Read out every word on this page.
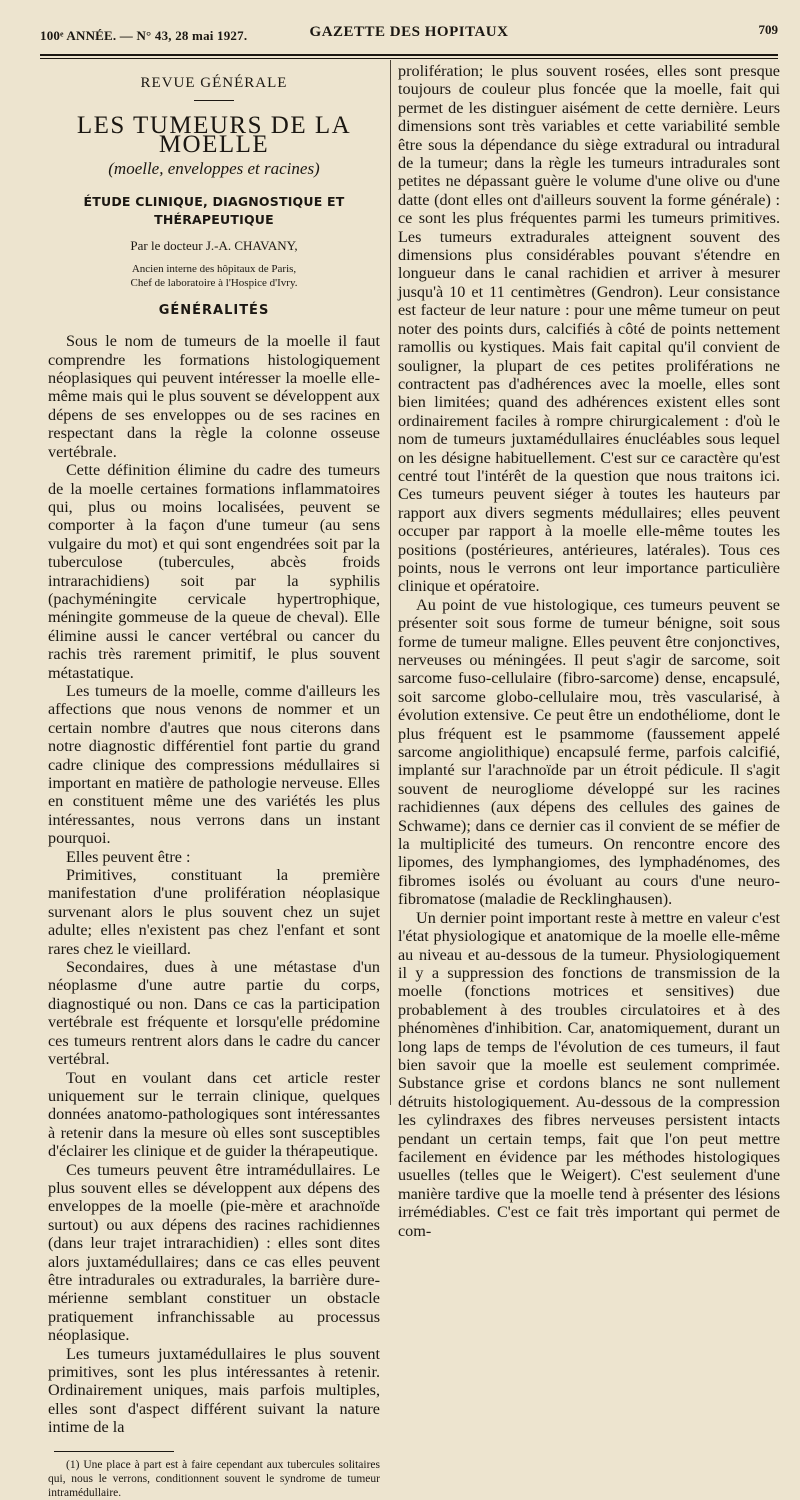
100ᵉ ANNÉE. — N° 43, 28 mai 1927.	GAZETTE DES HOPITAUX	709
REVUE GÉNÉRALE
LES TUMEURS DE LA MOELLE
(moelle, enveloppes et racines)
ÉTUDE CLINIQUE, DIAGNOSTIQUE ET THÉRAPEUTIQUE
Par le docteur J.-A. CHAVANY,
Ancien interne des hôpitaux de Paris,
Chef de laboratoire à l'Hospice d'Ivry.
GÉNÉRALITÉS

Sous le nom de tumeurs de la moelle il faut comprendre les formations histologiquement néoplasiques qui peuvent intéresser la moelle elle-même mais qui le plus souvent se développent aux dépens de ses enveloppes ou de ses racines en respectant dans la règle la colonne osseuse vertébrale.

Cette définition élimine du cadre des tumeurs de la moelle certaines formations inflammatoires qui, plus ou moins localisées, peuvent se comporter à la façon d'une tumeur (au sens vulgaire du mot) et qui sont engendrées soit par la tuberculose (tubercules, abcès froids intrarachidiens) soit par la syphilis (pachyméningite cervicale hypertrophique, méningite gommeuse de la queue de cheval). Elle élimine aussi le cancer vertébral ou cancer du rachis très rarement primitif, le plus souvent métastatique.

Les tumeurs de la moelle, comme d'ailleurs les affections que nous venons de nommer et un certain nombre d'autres que nous citerons dans notre diagnostic différentiel font partie du grand cadre clinique des compressions médullaires si important en matière de pathologie nerveuse. Elles en constituent même une des variétés les plus intéressantes, nous verrons dans un instant pourquoi.

Elles peuvent être :

Primitives, constituant la première manifestation d'une prolifération néoplasique survenant alors le plus souvent chez un sujet adulte; elles n'existent pas chez l'enfant et sont rares chez le vieillard.

Secondaires, dues à une métastase d'un néoplasme d'une autre partie du corps, diagnostiqué ou non. Dans ce cas la participation vertébrale est fréquente et lorsqu'elle prédomine ces tumeurs rentrent alors dans le cadre du cancer vertébral.

Tout en voulant dans cet article rester uniquement sur le terrain clinique, quelques données anatomo-pathologiques sont intéressantes à retenir dans la mesure où elles sont susceptibles d'éclairer les clinique et de guider la thérapeutique.

Ces tumeurs peuvent être intramédullaires. Le plus souvent elles se développent aux dépens des enveloppes de la moelle (pie-mère et arachnoïde surtout) ou aux dépens des racines rachidiennes (dans leur trajet intrarachidien) : elles sont dites alors juxtamédullaires; dans ce cas elles peuvent être intradurales ou extradurales, la barrière dure-mérienne semblant constituer un obstacle pratiquement infranchissable au processus néoplasique.

Les tumeurs juxtamédullaires le plus souvent primitives, sont les plus intéressantes à retenir. Ordinairement uniques, mais parfois multiples, elles sont d'aspect différent suivant la nature intime de la

(1) Une place à part est à faire cependant aux tubercules solitaires qui, nous le verrons, conditionnent souvent le syndrome de tumeur intramédullaire.

prolifération; le plus souvent rosées, elles sont presque toujours de couleur plus foncée que la moelle, fait qui permet de les distinguer aisément de cette dernière. Leurs dimensions sont très variables et cette variabilité semble être sous la dépendance du siège extradural ou intradural de la tumeur; dans la règle les tumeurs intradurales sont petites ne dépassant guère le volume d'une olive ou d'une datte (dont elles ont d'ailleurs souvent la forme générale) : ce sont les plus fréquentes parmi les tumeurs primitives. Les tumeurs extradurales atteignent souvent des dimensions plus considérables pouvant s'étendre en longueur dans le canal rachidien et arriver à mesurer jusqu'à 10 et 11 centimètres (Gendron). Leur consistance est facteur de leur nature : pour une même tumeur on peut noter des points durs, calcifiés à côté de points nettement ramollis ou kystiques. Mais fait capital qu'il convient de souligner, la plupart de ces petites proliférations ne contractent pas d'adhérences avec la moelle, elles sont bien limitées; quand des adhérences existent elles sont ordinairement faciles à rompre chirurgicalement : d'où le nom de tumeurs juxtamédullaires énucléables sous lequel on les désigne habituellement. C'est sur ce caractère qu'est centré tout l'intérêt de la question que nous traitons ici. Ces tumeurs peuvent siéger à toutes les hauteurs par rapport aux divers segments médullaires; elles peuvent occuper par rapport à la moelle elle-même toutes les positions (postérieures, antérieures, latérales). Tous ces points, nous le verrons ont leur importance particulière clinique et opératoire.

Au point de vue histologique, ces tumeurs peuvent se présenter soit sous forme de tumeur bénigne, soit sous forme de tumeur maligne. Elles peuvent être conjonctives, nerveuses ou méningées. Il peut s'agir de sarcome, soit sarcome fuso-cellulaire (fibro-sarcome) dense, encapsulé, soit sarcome globo-cellulaire mou, très vascularisé, à évolution extensive. Ce peut être un endothéliome, dont le plus fréquent est le psammome (faussement appelé sarcome angiolithique) encapsulé ferme, parfois calcifié, implanté sur l'arachnoïde par un étroit pédicule. Il s'agit souvent de neurogliome développé sur les racines rachidiennes (aux dépens des cellules des gaines de Schwame); dans ce dernier cas il convient de se méfier de la multiplicité des tumeurs. On rencontre encore des lipomes, des lymphangiomes, des lymphadénomes, des fibromes isolés ou évoluant au cours d'une neuro-fibromatose (maladie de Recklinghausen).

Un dernier point important reste à mettre en valeur c'est l'état physiologique et anatomique de la moelle elle-même au niveau et au-dessous de la tumeur. Physiologiquement il y a suppression des fonctions de transmission de la moelle (fonctions motrices et sensitives) due probablement à des troubles circulatoires et à des phénomènes d'inhibition. Car, anatomiquement, durant un long laps de temps de l'évolution de ces tumeurs, il faut bien savoir que la moelle est seulement comprimée. Substance grise et cordons blancs ne sont nullement détruits histologiquement. Au-dessous de la compression les cylindraxes des fibres nerveuses persistent intacts pendant un certain temps, fait que l'on peut mettre facilement en évidence par les méthodes histologiques usuelles (telles que le Weigert). C'est seulement d'une manière tardive que la moelle tend à présenter des lésions irrémédiables. C'est ce fait très important qui permet de com-
